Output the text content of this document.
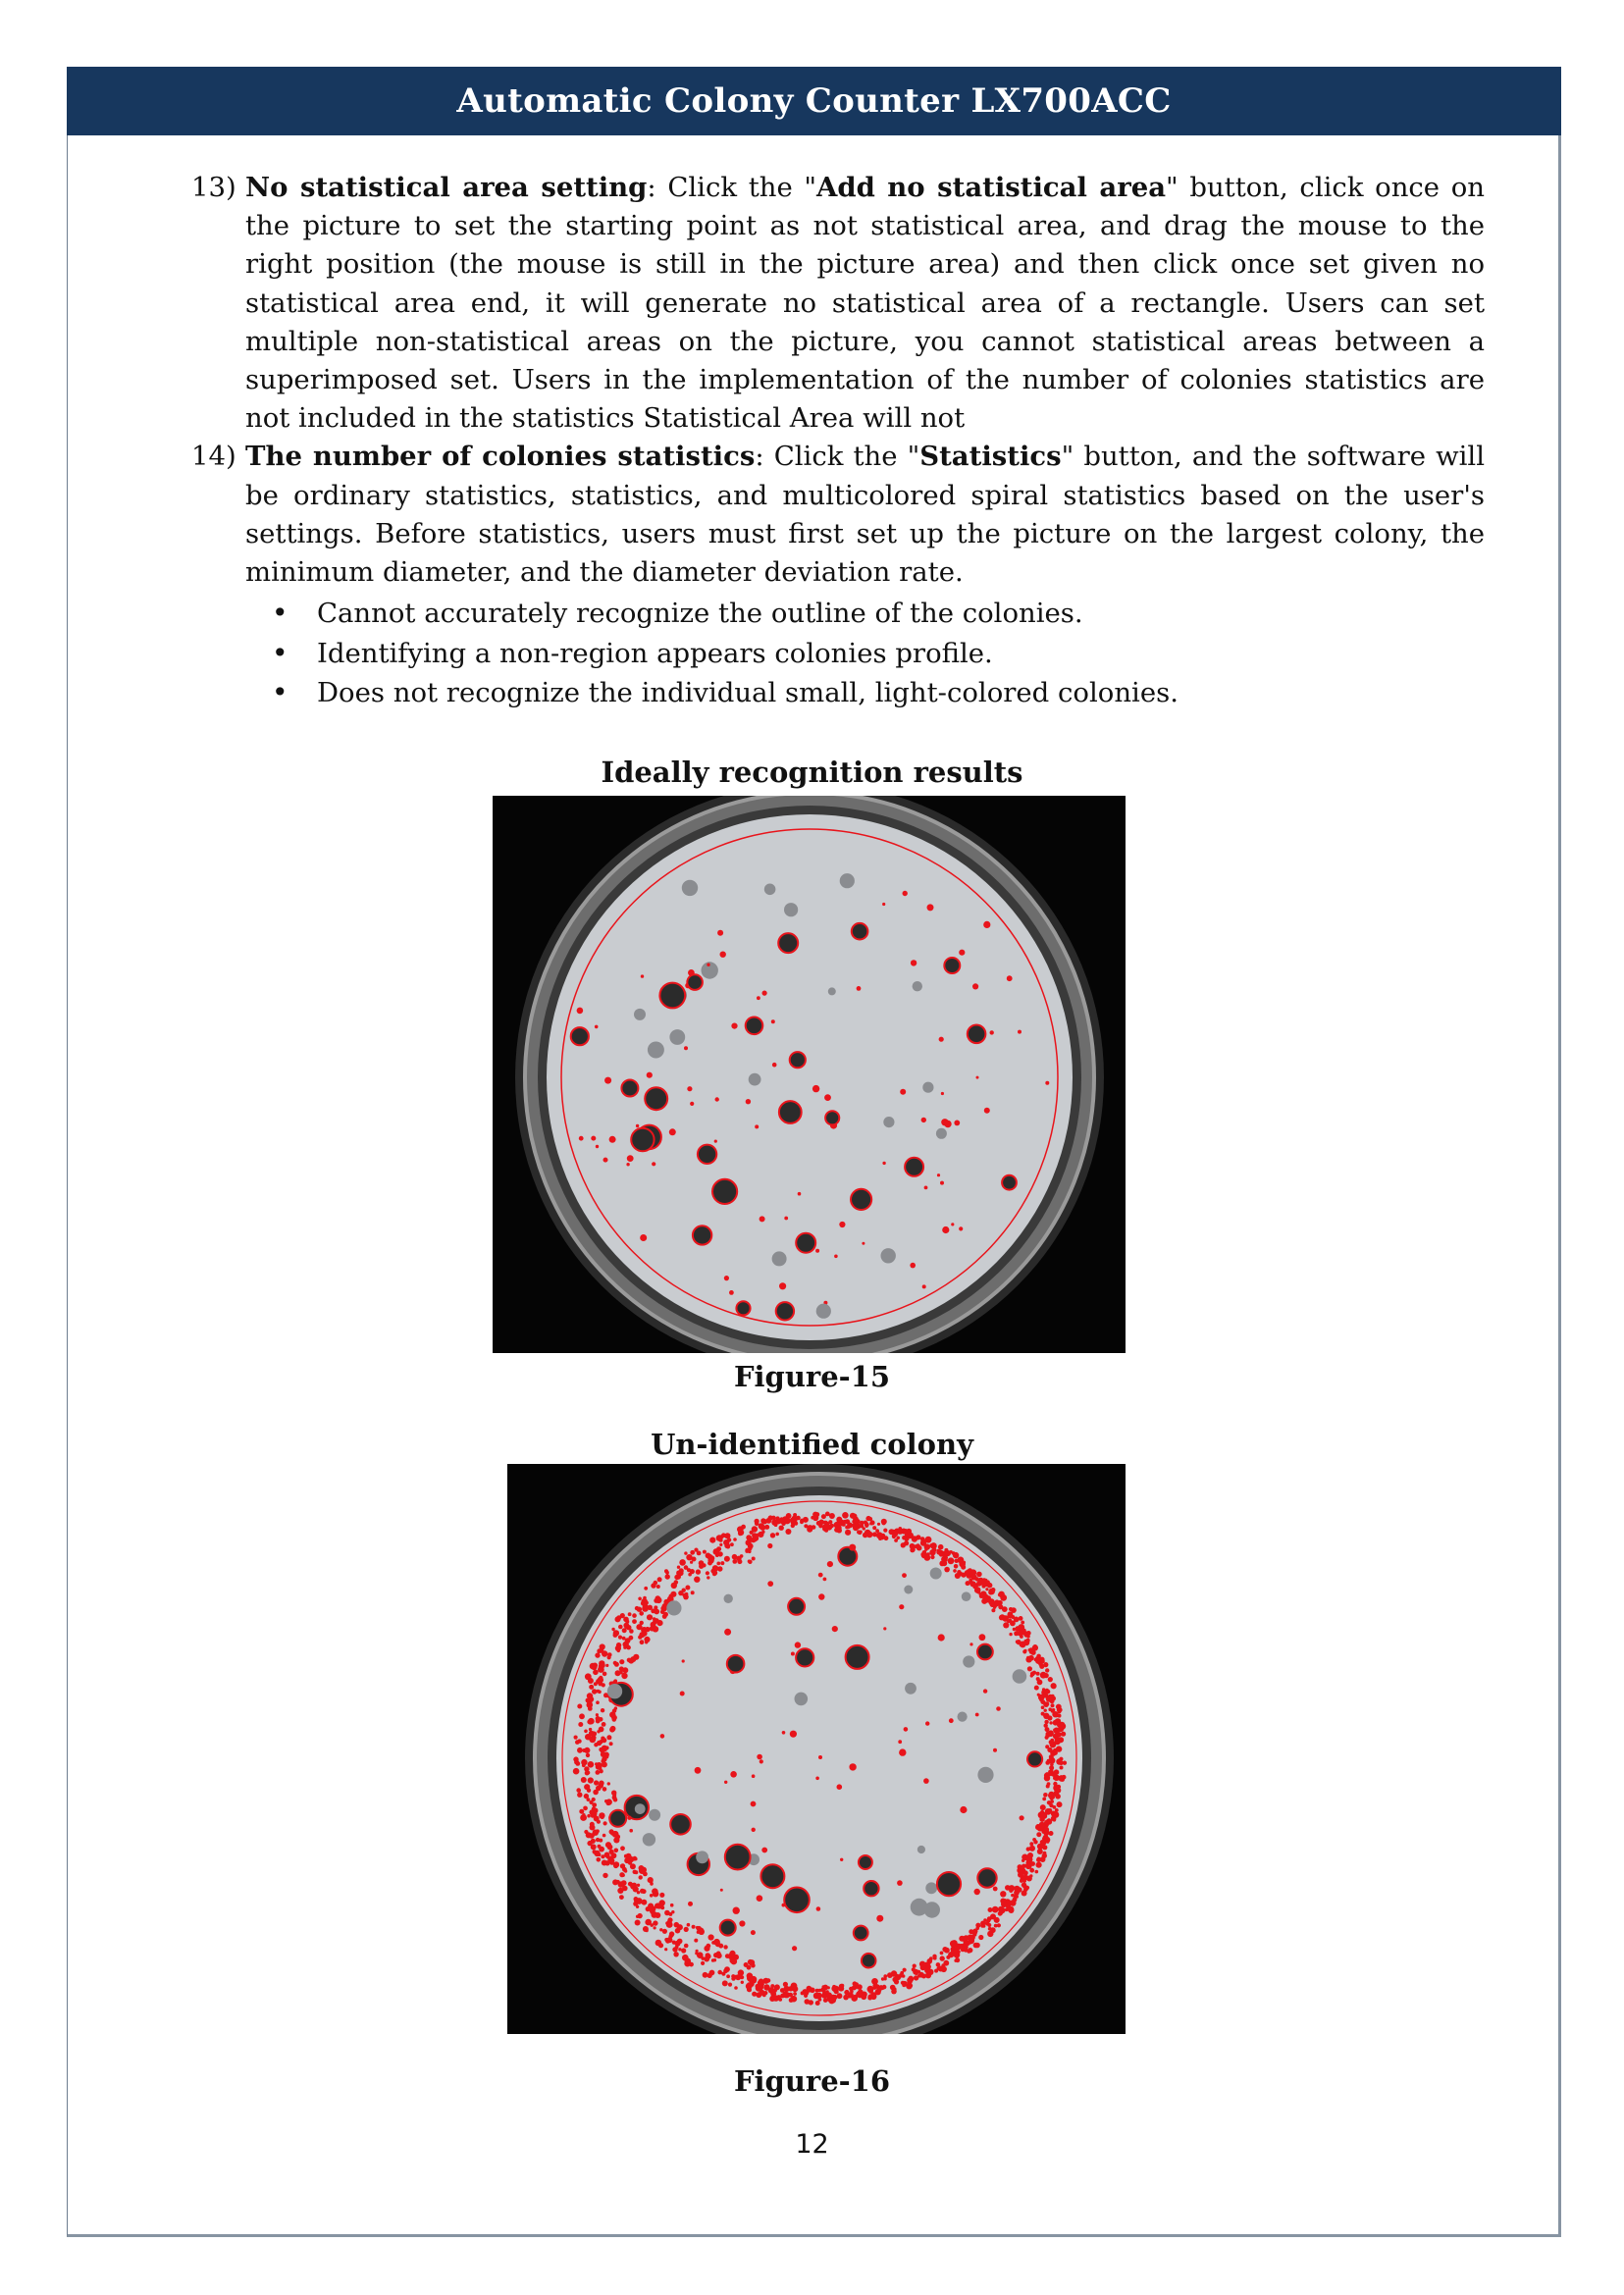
Automatic Colony Counter LX700ACC
13) No statistical area setting: Click the "Add no statistical area" button, click once on the picture to set the starting point as not statistical area, and drag the mouse to the right position (the mouse is still in the picture area) and then click once set given no statistical area end, it will generate no statistical area of a rectangle. Users can set multiple non-statistical areas on the picture, you cannot statistical areas between a superimposed set. Users in the implementation of the number of colonies statistics are not included in the statistics Statistical Area will not
14) The number of colonies statistics: Click the "Statistics" button, and the software will be ordinary statistics, statistics, and multicolored spiral statistics based on the user's settings. Before statistics, users must first set up the picture on the largest colony, the minimum diameter, and the diameter deviation rate.
• Cannot accurately recognize the outline of the colonies.
• Identifying a non-region appears colonies profile.
• Does not recognize the individual small, light-colored colonies.
Ideally recognition results
Figure-15
Un-identified colony
Figure-16
12
